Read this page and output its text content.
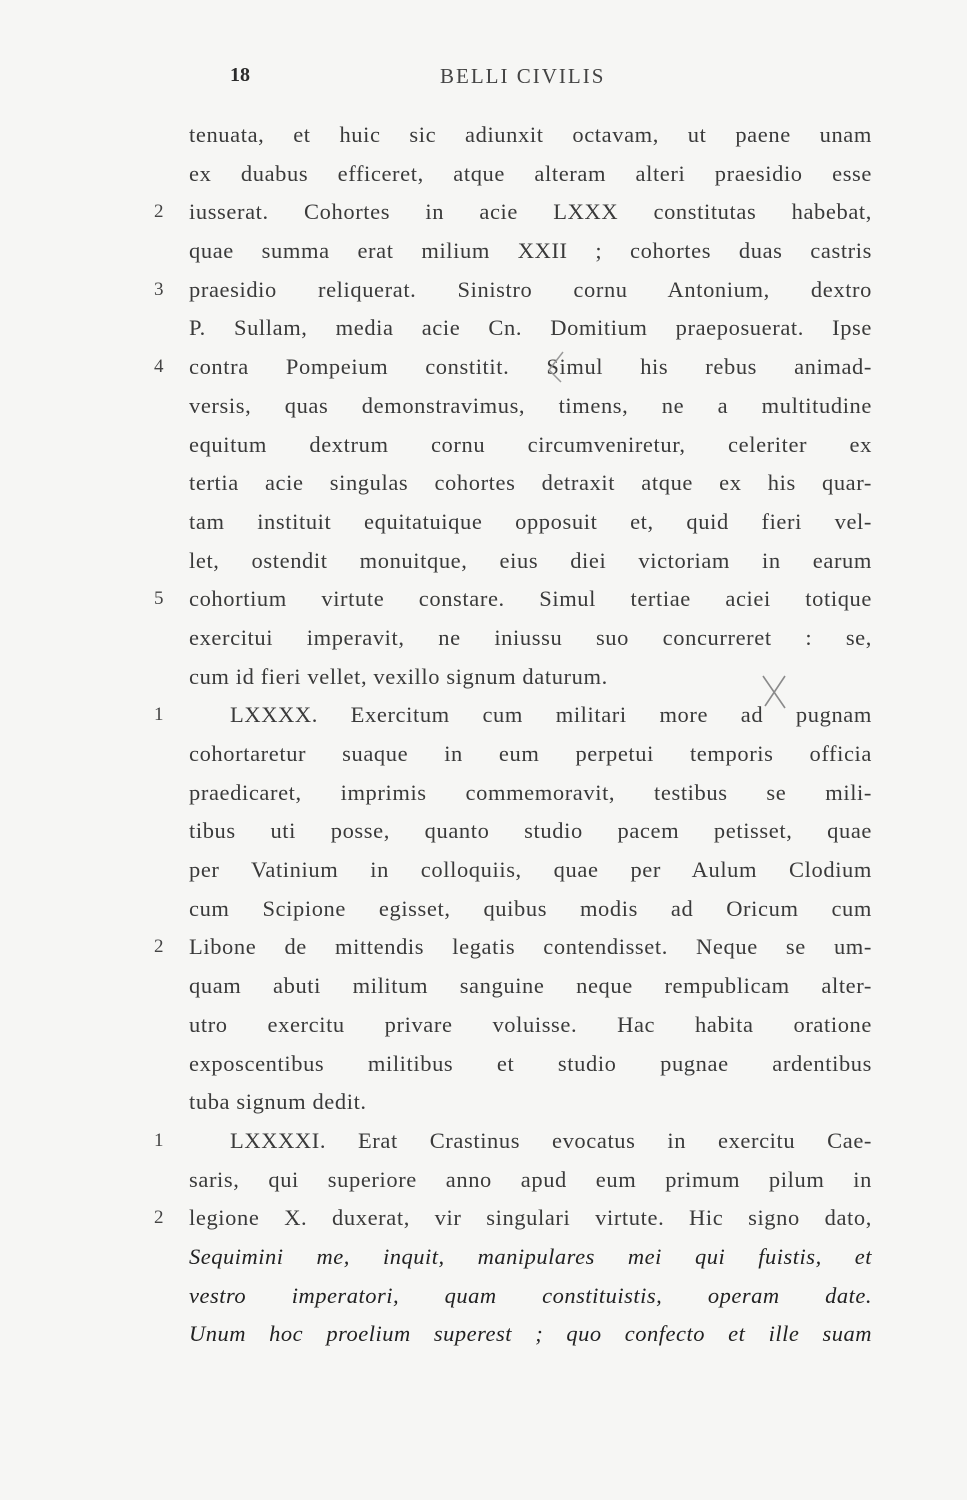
18	BELLI CIVILIS
tenuata, et huic sic adiunxit octavam, ut paene unam
ex duabus efficeret, atque alteram alteri praesidio esse
2 iusserat. Cohortes in acie LXXX constitutas habebat,
quae summa erat milium XXII ; cohortes duas castris
3 praesidio reliquerat. Sinistro cornu Antonium, dextro
P. Sullam, media acie Cn. Domitium praeposuerat. Ipse
4 contra Pompeium constitit. Simul his rebus animad-
versis, quas demonstravimus, timens, ne a multitudine
equitum dextrum cornu circumveniretur, celeriter ex
tertia acie singulas cohortes detraxit atque ex his quar-
tam instituit equitatuique opposuit et, quid fieri vel-
let, ostendit monuitque, eius diei victoriam in earum
5 cohortium virtute constare. Simul tertiae aciei totique
exercitui imperavit, ne iniussu suo concurreret : se,
cum id fieri vellet, vexillo signum daturum.
1	LXXXX. Exercitum cum militari more ad pugnam
cohortaretur suaque in eum perpetui temporis officia
praedicaret, imprimis commemoravit, testibus se mili-
tibus uti posse, quanto studio pacem petisset, quae
per Vatinium in colloquiis, quae per Aulum Clodium
cum Scipione egisset, quibus modis ad Oricum cum
2 Libone de mittendis legatis contendisset. Neque se um-
quam abuti militum sanguine neque rempublicam alter-
utro exercitu privare voluisse. Hac habita oratione
exposcentibus militibus et studio pugnae ardentibus
tuba signum dedit.
1	LXXXXI. Erat Crastinus evocatus in exercitu Cae-
saris, qui superiore anno apud eum primum pilum in
2 legione X. duxerat, vir singulari virtute. Hic signo dato,
Sequimini me, inquit, manipulares mei qui fuistis, et
vestro imperatori, quam constituistis, operam date.
Unum hoc proelium superest ; quo confecto et ille suam
